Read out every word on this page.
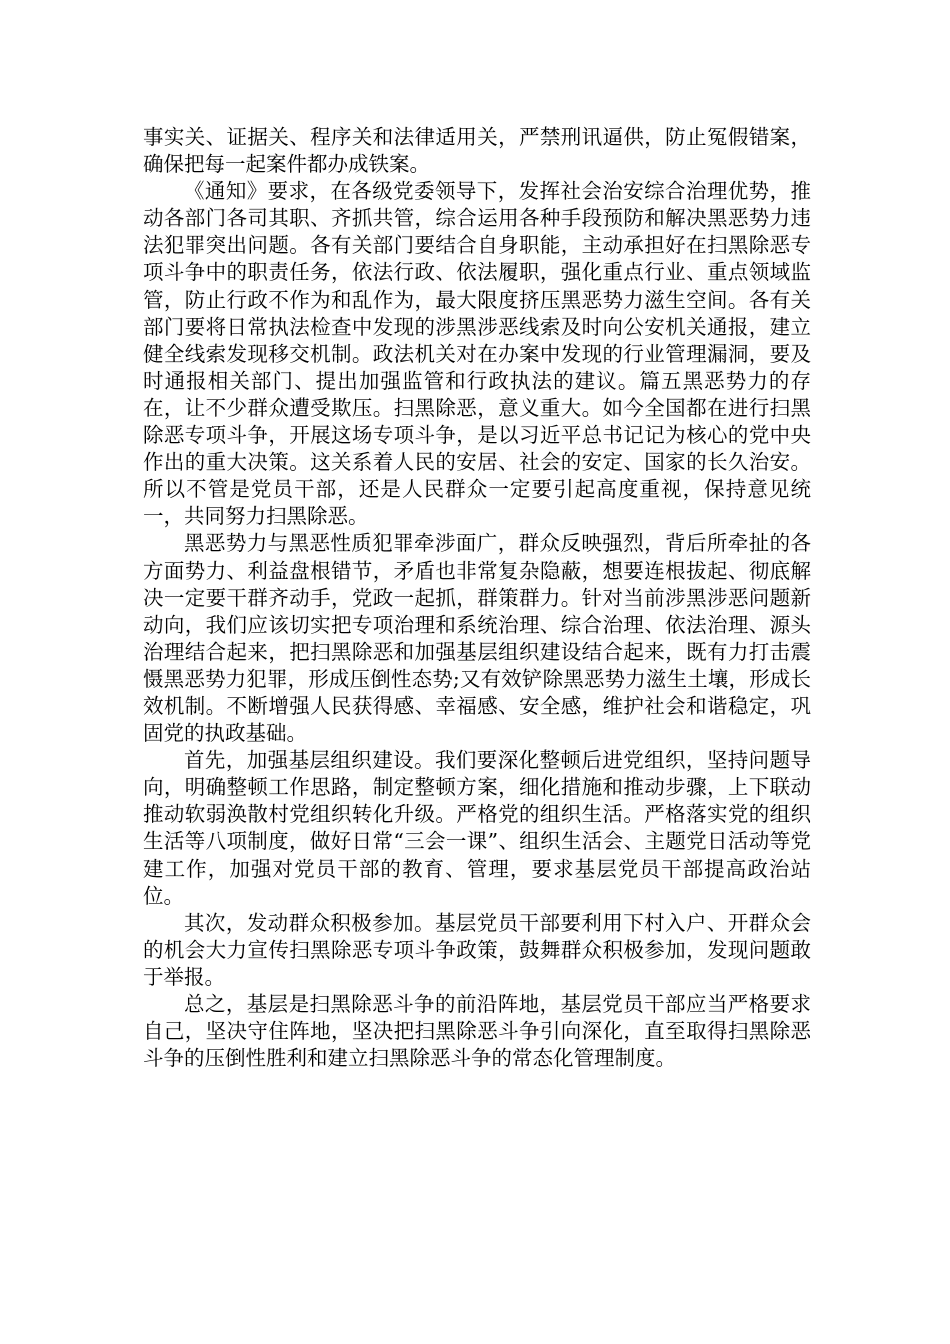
事实关、证据关、程序关和法律适用关，严禁刑讯逼供，防止冤假错案，确保把每一起案件都办成铁案。

《通知》要求，在各级党委领导下，发挥社会治安综合治理优势，推动各部门各司其职、齐抓共管，综合运用各种手段预防和解决黑恶势力违法犯罪突出问题。各有关部门要结合自身职能，主动承担好在扫黑除恶专项斗争中的职责任务，依法行政、依法履职，强化重点行业、重点领域监管，防止行政不作为和乱作为，最大限度挤压黑恶势力滋生空间。各有关部门要将日常执法检查中发现的涉黑涉恶线索及时向公安机关通报，建立健全线索发现移交机制。政法机关对在办案中发现的行业管理漏洞，要及时通报相关部门、提出加强监管和行政执法的建议。篇五黑恶势力的存在，让不少群众遭受欺压。扫黑除恶，意义重大。如今全国都在进行扫黑除恶专项斗争，开展这场专项斗争，是以习近平总书记记为核心的党中央作出的重大决策。这关系着人民的安居、社会的安定、国家的长久治安。所以不管是党员干部，还是人民群众一定要引起高度重视，保持意见统一，共同努力扫黑除恶。

黑恶势力与黑恶性质犯罪牵涉面广，群众反映强烈，背后所牵扯的各方面势力、利益盘根错节，矛盾也非常复杂隐蔽，想要连根拔起、彻底解决一定要干群齐动手，党政一起抓，群策群力。针对当前涉黑涉恶问题新动向，我们应该切实把专项治理和系统治理、综合治理、依法治理、源头治理结合起来，把扫黑除恶和加强基层组织建设结合起来，既有力打击震慑黑恶势力犯罪，形成压倒性态势;又有效铲除黑恶势力滋生土壤，形成长效机制。不断增强人民获得感、幸福感、安全感，维护社会和谐稳定，巩固党的执政基础。

首先，加强基层组织建设。我们要深化整顿后进党组织，坚持问题导向，明确整顿工作思路，制定整顿方案，细化措施和推动步骤，上下联动推动软弱涣散村党组织转化升级。严格党的组织生活。严格落实党的组织生活等八项制度，做好日常“三会一课”、组织生活会、主题党日活动等党建工作，加强对党员干部的教育、管理，要求基层党员干部提高政治站位。

其次，发动群众积极参加。基层党员干部要利用下村入户、开群众会的机会大力宣传扫黑除恶专项斗争政策，鼓舞群众积极参加，发现问题敢于举报。

总之，基层是扫黑除恶斗争的前沿阵地，基层党员干部应当严格要求自己，坚决守住阵地，坚决把扫黑除恶斗争引向深化，直至取得扫黑除恶斗争的压倒性胜利和建立扫黑除恶斗争的常态化管理制度。
